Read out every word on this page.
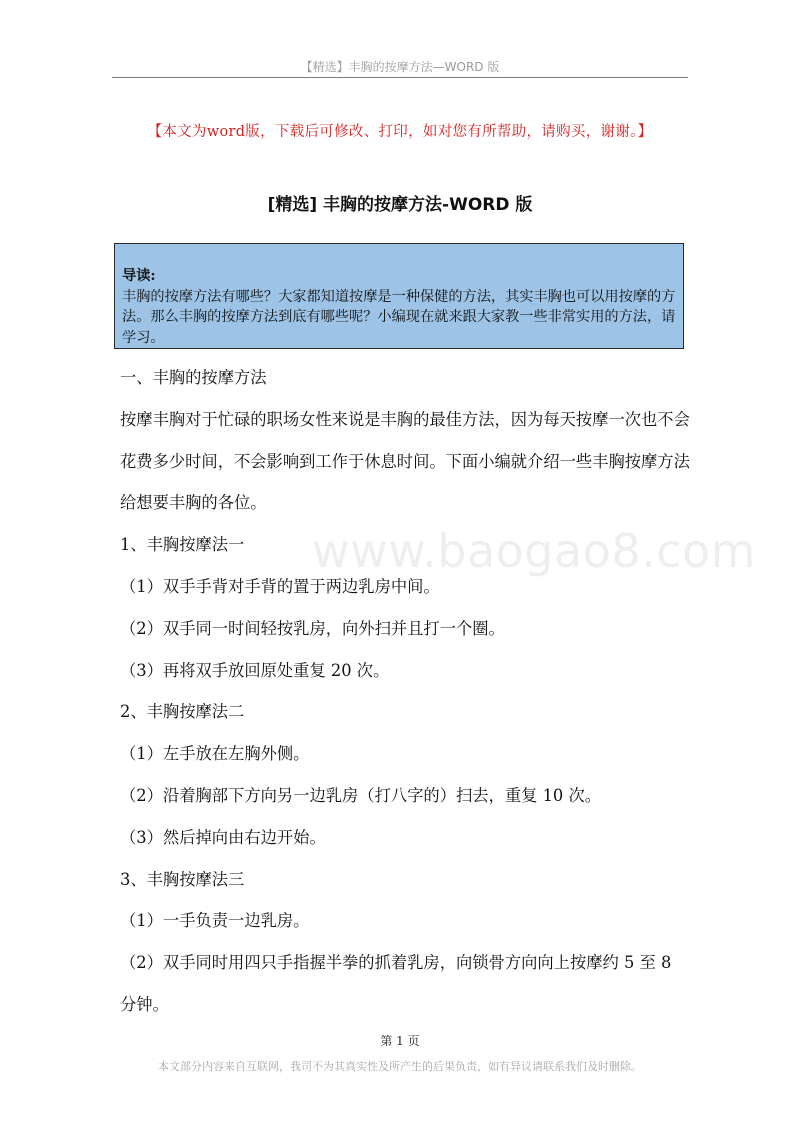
【精选】丰胸的按摩方法—WORD 版
【本文为word版，下载后可修改、打印，如对您有所帮助，请购买，谢谢。】
[精选] 丰胸的按摩方法-WORD 版
导读:
丰胸的按摩方法有哪些？大家都知道按摩是一种保健的方法，其实丰胸也可以用按摩的方法。那么丰胸的按摩方法到底有哪些呢？小编现在就来跟大家教一些非常实用的方法，请学习。
www.baogao8.com

一、丰胸的按摩方法

按摩丰胸对于忙碌的职场女性来说是丰胸的最佳方法，因为每天按摩一次也不会花费多少时间，不会影响到工作于休息时间。下面小编就介绍一些丰胸按摩方法给想要丰胸的各位。

1、丰胸按摩法一

（1）双手手背对手背的置于两边乳房中间。

（2）双手同一时间轻按乳房，向外扫并且打一个圈。

（3）再将双手放回原处重复 20 次。

2、丰胸按摩法二

（1）左手放在左胸外侧。

（2）沿着胸部下方向另一边乳房（打八字的）扫去，重复 10 次。

（3）然后掉向由右边开始。

3、丰胸按摩法三

（1）一手负责一边乳房。

（2）双手同时用四只手指握半拳的抓着乳房，向锁骨方向向上按摩约 5 至 8 分钟。

第 1 页
本文部分内容来自互联网，我司不为其真实性及所产生的后果负责，如有异议请联系我们及时删除。
